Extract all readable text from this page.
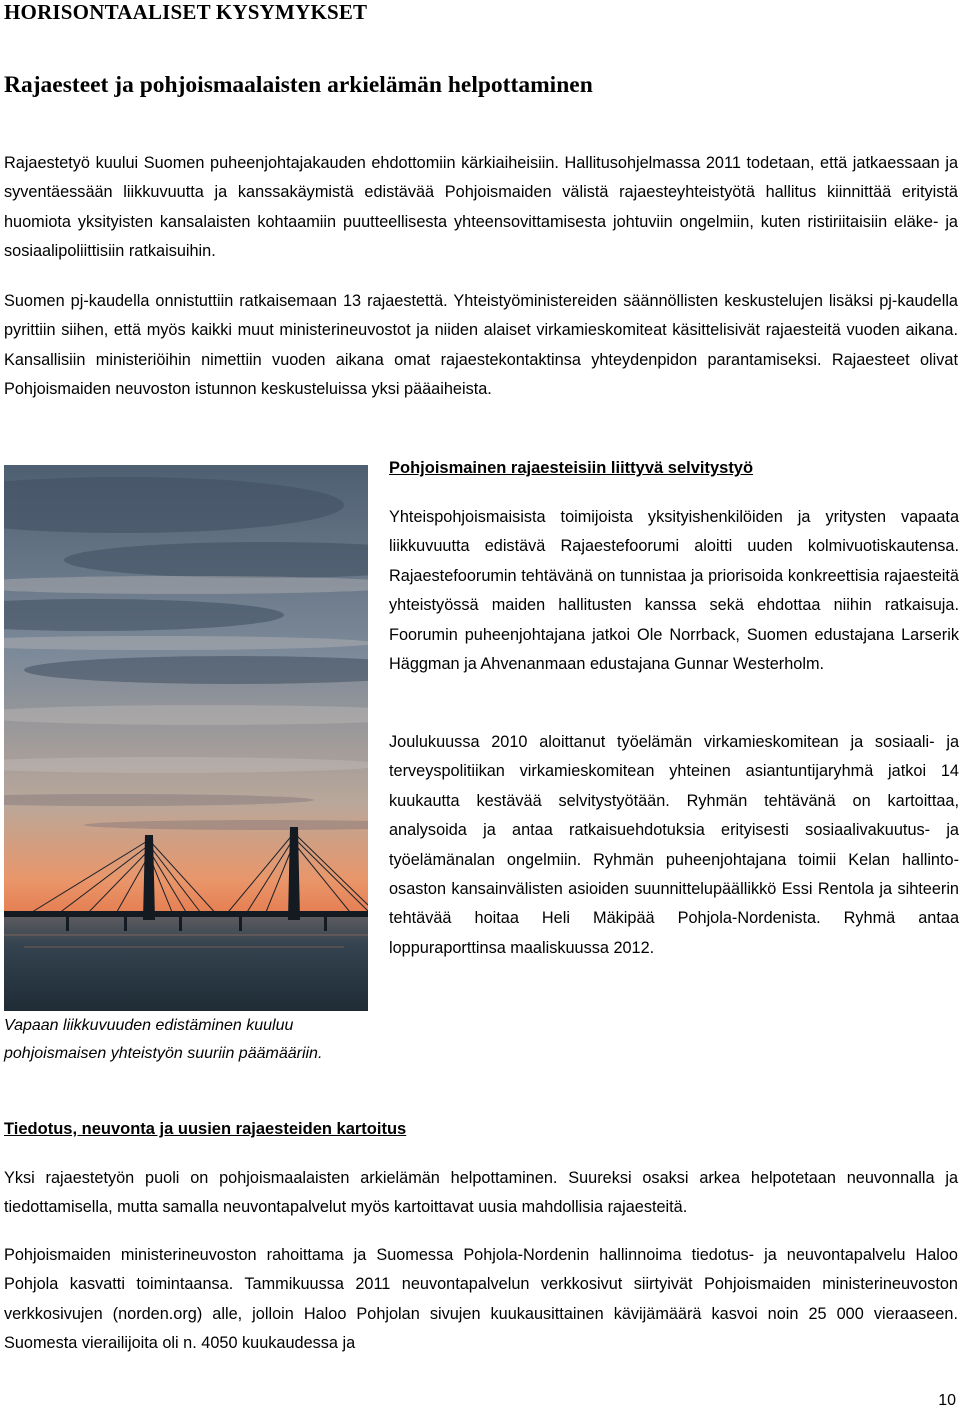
HORISONTAALISET KYSYMYKSET
Rajaesteet ja pohjoismaalaisten arkielämän helpottaminen

Rajaestetyö kuului Suomen puheenjohtajakauden ehdottomiin kärkiaiheisiin. Hallitusohjelmassa 2011 todetaan, että jatkaessaan ja syventäessään liikkuvuutta ja kanssakäymistä edistävää Pohjoismaiden välistä rajaesteyhteistyötä hallitus kiinnittää erityistä huomiota yksityisten kansalaisten kohtaamiin puutteellisesta yhteensovittamisesta johtuviin ongelmiin, kuten ristiriitaisiin eläke- ja sosiaalipoliittisiin ratkaisuihin.

Suomen pj-kaudella onnistuttiin ratkaisemaan 13 rajaestettä. Yhteistyöministereiden säännöllisten keskustelujen lisäksi pj-kaudella pyrittiin siihen, että myös kaikki muut ministerineuvostot ja niiden alaiset virkamieskomiteat käsittelisivät rajaesteitä vuoden aikana. Kansallisiin ministeriöihin nimettiin vuoden aikana omat rajaestekontaktinsa yhteydenpidon parantamiseksi. Rajaesteet olivat Pohjoismaiden neuvoston istunnon keskusteluissa yksi pääaiheista.

Vapaan liikkuvuuden edistäminen kuuluu
pohjoismaisen yhteistyön suuriin päämääriin.

Pohjoismainen rajaesteisiin liittyvä selvitystyö

Yhteispohjoismaisista toimijoista yksityishenkilöiden ja yritysten vapaata liikkuvuutta edistävä Rajaestefoorumi aloitti uuden kolmivuotiskautensa. Rajaestefoorumin tehtävänä on tunnistaa ja priorisoida konkreettisia rajaesteitä yhteistyössä maiden hallitusten kanssa sekä ehdottaa niihin ratkaisuja. Foorumin puheenjohtajana jatkoi Ole Norrback, Suomen edustajana Larserik Häggman ja Ahvenanmaan edustajana Gunnar Westerholm.

Joulukuussa 2010 aloittanut työelämän virkamieskomitean ja sosiaali- ja terveyspolitiikan virkamieskomitean yhteinen asiantuntijaryhmä jatkoi 14 kuukautta kestävää selvitystyötään. Ryhmän tehtävänä on kartoittaa, analysoida ja antaa ratkaisuehdotuksia erityisesti sosiaalivakuutus- ja työelämänalan ongelmiin. Ryhmän puheenjohtajana toimii Kelan hallinto-osaston kansainvälisten asioiden suunnittelupäällikkö Essi Rentola ja sihteerin tehtävää hoitaa Heli Mäkipää Pohjola-Nordenista. Ryhmä antaa loppuraporttinsa maaliskuussa 2012.

Tiedotus, neuvonta ja uusien rajaesteiden kartoitus

Yksi rajaestetyön puoli on pohjoismaalaisten arkielämän helpottaminen. Suureksi osaksi arkea helpotetaan neuvonnalla ja tiedottamisella, mutta samalla neuvontapalvelut myös kartoittavat uusia mahdollisia rajaesteitä.

Pohjoismaiden ministerineuvoston rahoittama ja Suomessa Pohjola-Nordenin hallinnoima tiedotus- ja neuvontapalvelu Haloo Pohjola kasvatti toimintaansa. Tammikuussa 2011 neuvontapalvelun verkkosivut siirtyivät Pohjoismaiden ministerineuvoston verkkosivujen (norden.org) alle, jolloin Haloo Pohjolan sivujen kuukausittainen kävijämäärä kasvoi noin 25 000 vieraaseen. Suomesta vierailijoita oli n. 4050 kuukaudessa ja

10
